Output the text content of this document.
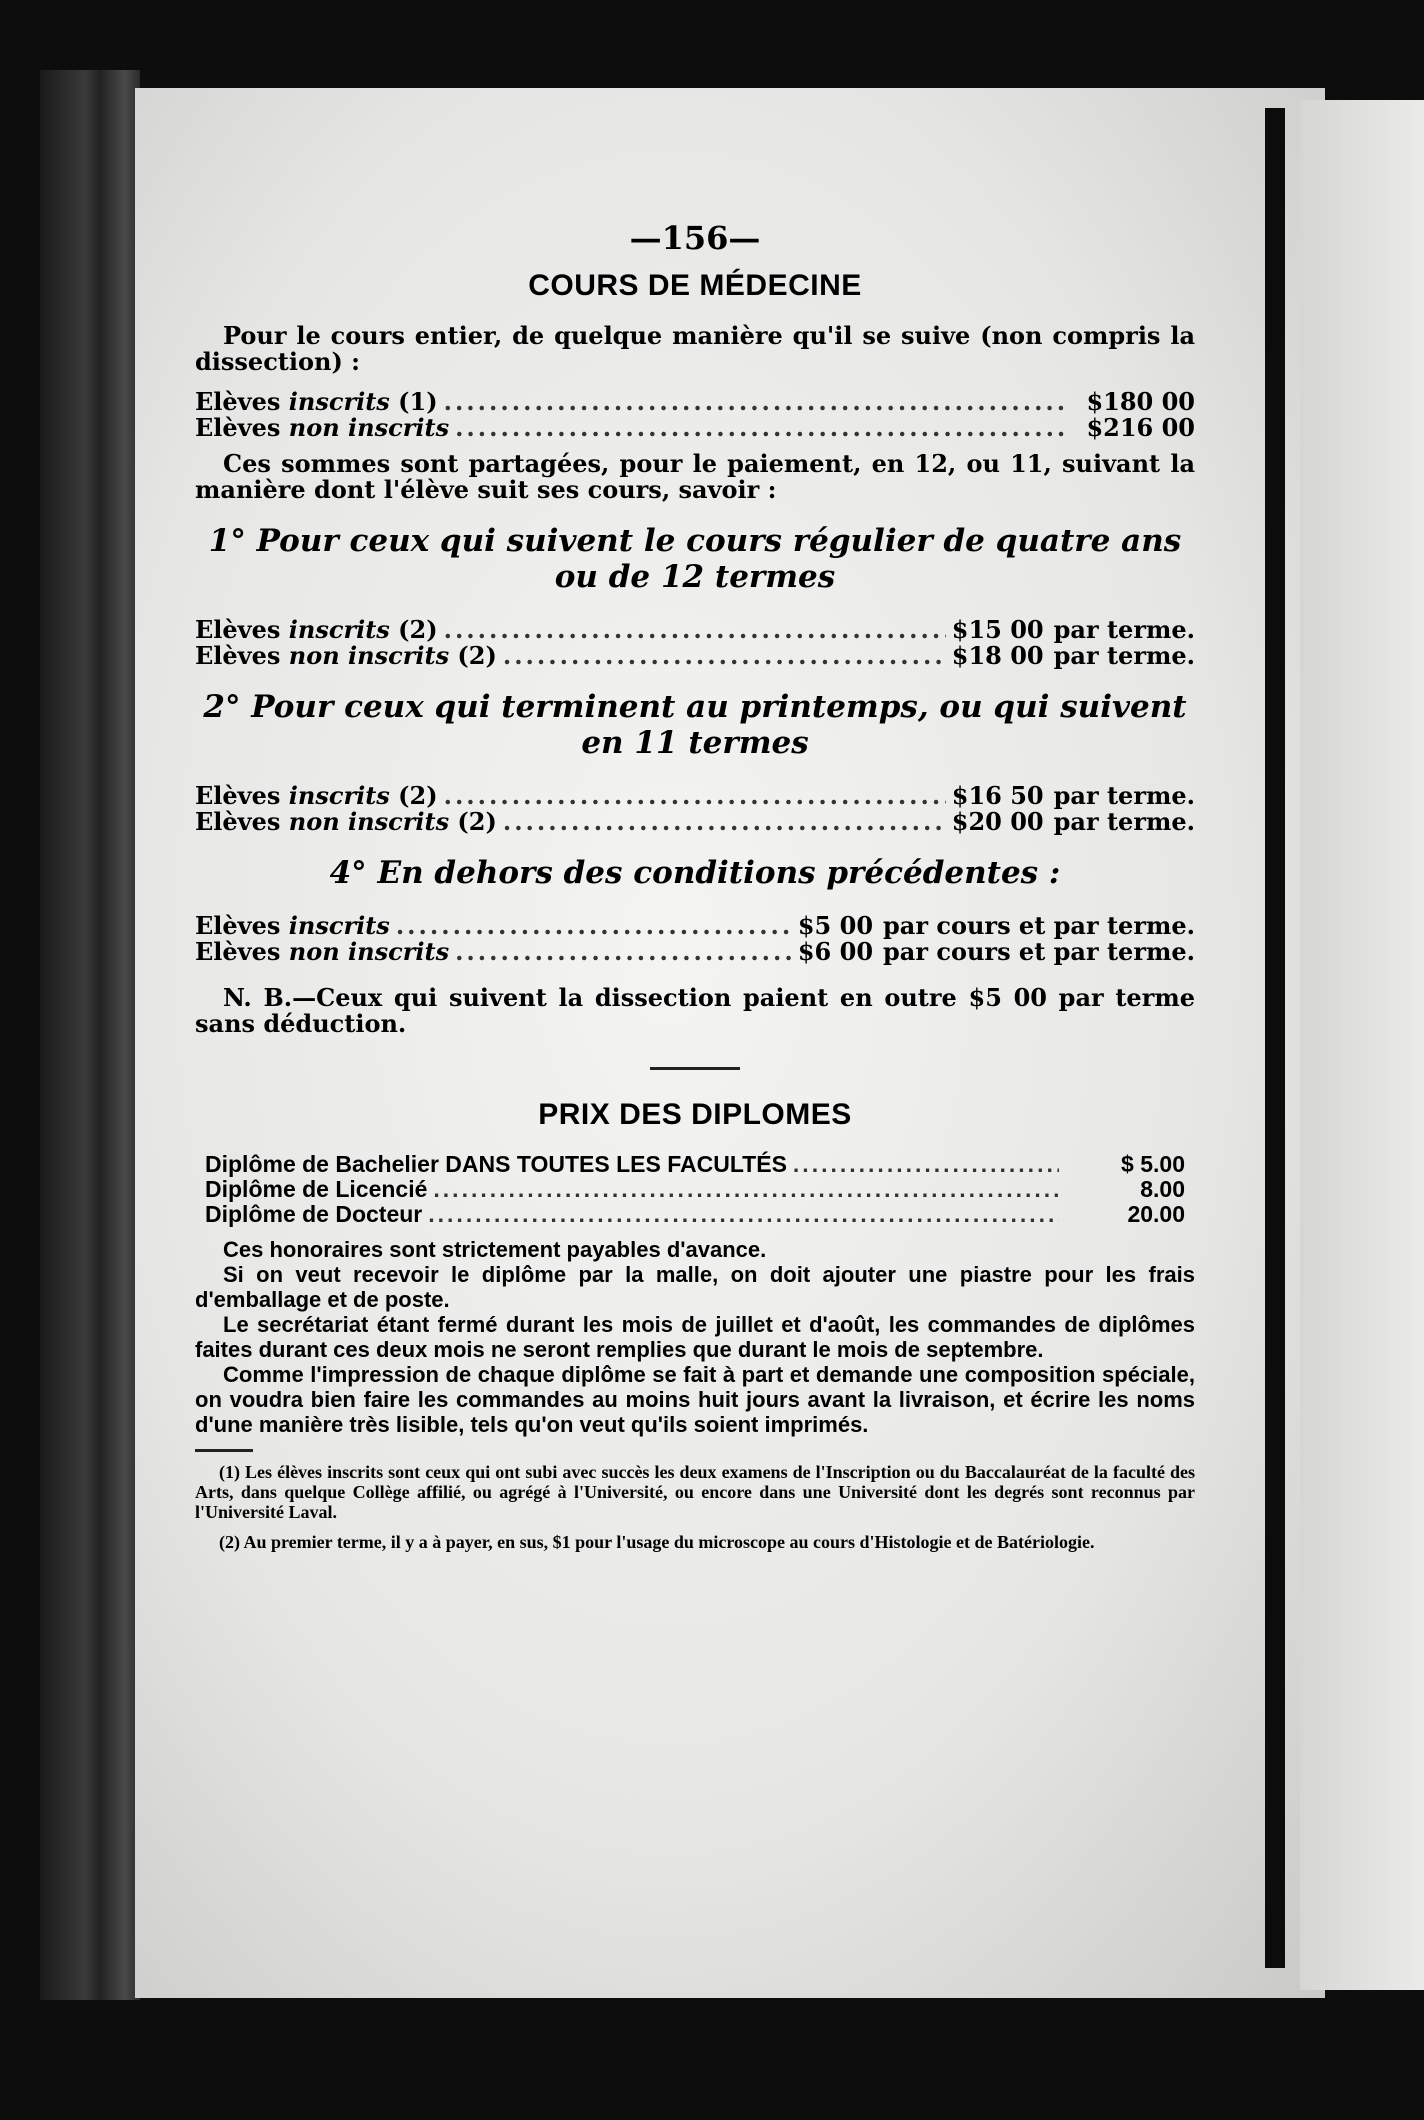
—156—
COURS DE MÉDECINE

Pour le cours entier, de quelque manière qu'il se suive (non compris la dissection) :

Elèves inscrits (1) .....	$180 00
Elèves non inscrits .....	$216 00

Ces sommes sont partagées, pour le paiement, en 12, ou 11, suivant la manière dont l'élève suit ses cours, savoir :

1° Pour ceux qui suivent le cours régulier de quatre ans ou de 12 termes
Elèves inscrits (2) .....	$15 00 par terme.
Elèves non inscrits (2) .....	$18 00 par terme.
2° Pour ceux qui terminent au printemps, ou qui suivent en 11 termes
Elèves inscrits (2) .....	$16 50 par terme.
Elèves non inscrits (2) .....	$20 00 par terme.
4° En dehors des conditions précédentes :
Elèves inscrits .....	$5 00 par cours et par terme.
Elèves non inscrits .....	$6 00 par cours et par terme.

N. B.—Ceux qui suivent la dissection paient en outre $5 00 par terme sans déduction.

PRIX DES DIPLOMES
Diplôme de Bachelier DANS TOUTES LES FACULTÉS .....	$ 5.00
Diplôme de Licencié .....	8.00
Diplôme de Docteur .....	20.00

Ces honoraires sont strictement payables d'avance.

Si on veut recevoir le diplôme par la malle, on doit ajouter une piastre pour les frais d'emballage et de poste.

Le secrétariat étant fermé durant les mois de juillet et d'août, les commandes de diplômes faites durant ces deux mois ne seront remplies que durant le mois de septembre.

Comme l'impression de chaque diplôme se fait à part et demande une composition spéciale, on voudra bien faire les commandes au moins huit jours avant la livraison, et écrire les noms d'une manière très lisible, tels qu'on veut qu'ils soient imprimés.

(1) Les élèves inscrits sont ceux qui ont subi avec succès les deux examens de l'Inscription ou du Baccalauréat de la faculté des Arts, dans quelque Collège affilié, ou agrégé à l'Université, ou encore dans une Université dont les degrés sont reconnus par l'Université Laval.

(2) Au premier terme, il y a à payer, en sus, $1 pour l'usage du microscope au cours d'Histologie et de Batériologie.
